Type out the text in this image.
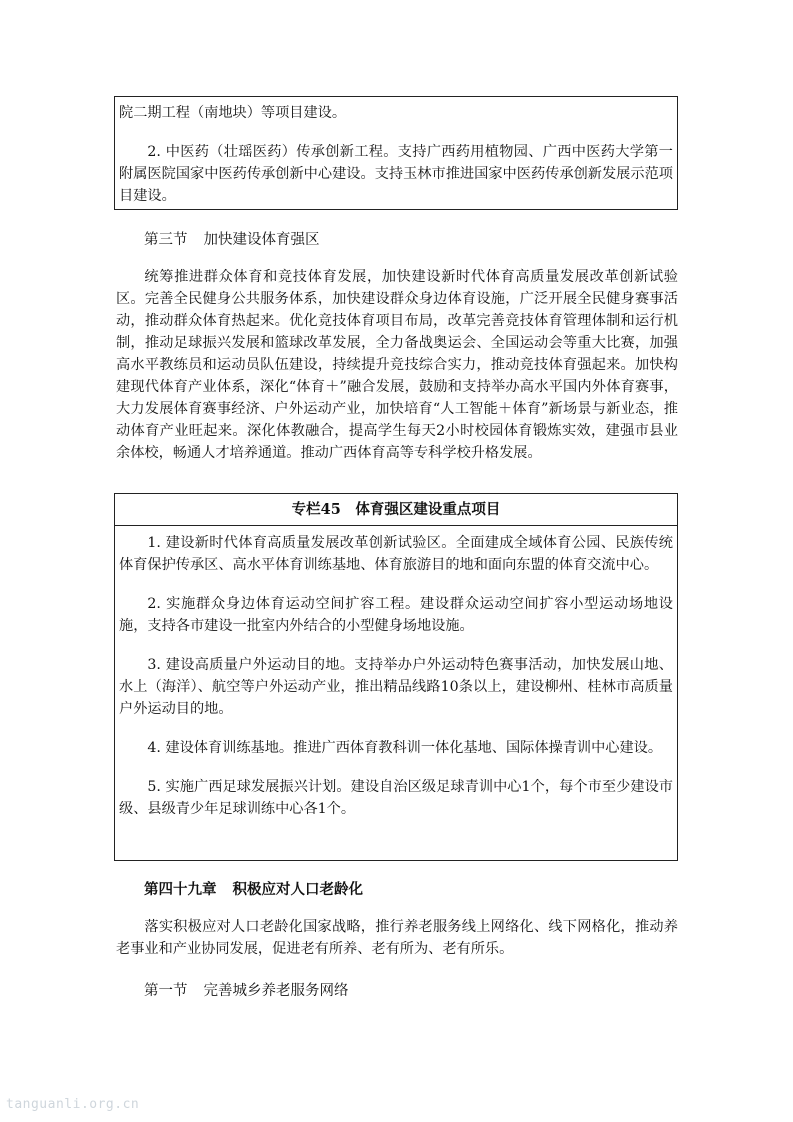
院二期工程（南地块）等项目建设。

2. 中医药（壮瑶医药）传承创新工程。支持广西药用植物园、广西中医药大学第一附属医院国家中医药传承创新中心建设。支持玉林市推进国家中医药传承创新发展示范项目建设。

第三节 加快建设体育强区

统筹推进群众体育和竞技体育发展，加快建设新时代体育高质量发展改革创新试验区。完善全民健身公共服务体系，加快建设群众身边体育设施，广泛开展全民健身赛事活动，推动群众体育热起来。优化竞技体育项目布局，改革完善竞技体育管理体制和运行机制，推动足球振兴发展和篮球改革发展，全力备战奥运会、全国运动会等重大比赛，加强高水平教练员和运动员队伍建设，持续提升竞技综合实力，推动竞技体育强起来。加快构建现代体育产业体系，深化“体育＋”融合发展，鼓励和支持举办高水平国内外体育赛事，大力发展体育赛事经济、户外运动产业，加快培育“人工智能＋体育”新场景与新业态，推动体育产业旺起来。深化体教融合，提高学生每天2小时校园体育锻炼实效，建强市县业余体校，畅通人才培养通道。推动广西体育高等专科学校升格发展。

专栏45　体育强区建设重点项目

1. 建设新时代体育高质量发展改革创新试验区。全面建成全域体育公园、民族传统体育保护传承区、高水平体育训练基地、体育旅游目的地和面向东盟的体育交流中心。

2. 实施群众身边体育运动空间扩容工程。建设群众运动空间扩容小型运动场地设施，支持各市建设一批室内外结合的小型健身场地设施。

3. 建设高质量户外运动目的地。支持举办户外运动特色赛事活动，加快发展山地、水上（海洋）、航空等户外运动产业，推出精品线路10条以上，建设柳州、桂林市高质量户外运动目的地。

4. 建设体育训练基地。推进广西体育教科训一体化基地、国际体操青训中心建设。

5. 实施广西足球发展振兴计划。建设自治区级足球青训中心1个，每个市至少建设市级、县级青少年足球训练中心各1个。

第四十九章 积极应对人口老龄化

落实积极应对人口老龄化国家战略，推行养老服务线上网络化、线下网格化，推动养老事业和产业协同发展，促进老有所养、老有所为、老有所乐。

第一节 完善城乡养老服务网络
tanguanli.org.cn
